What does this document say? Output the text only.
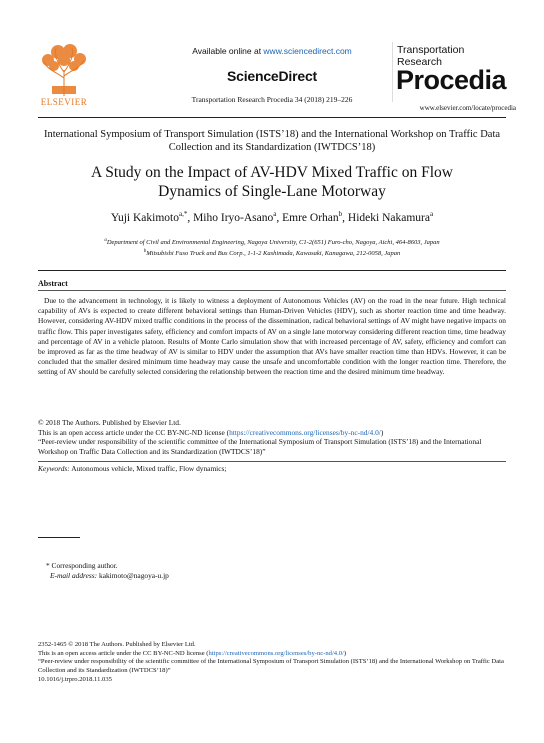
ELSEVIER
Available online at www.sciencedirect.com
ScienceDirect
Transportation Research Procedia 34 (2018) 219–226
Transportation
Research
Procedia
www.elsevier.com/locate/procedia
International Symposium of Transport Simulation (ISTS’18) and the International Workshop on Traffic Data Collection and its Standardization (IWTDCS’18)
A Study on the Impact of AV-HDV Mixed Traffic on Flow
Dynamics of Single-Lane Motorway
Yuji Kakimoto$^{a,*}$, Miho Iryo-Asano$^a$, Emre Orhan$^b$, Hideki Nakamura$^a$
$^a$Department of Civil and Environmental Engineering, Nagoya University, C1-2(651) Furo-cho, Nagoya, Aichi, 464-8603, Japan
$^b$Mitsubishi Fuso Truck and Bus Corp., 1-1-2 Kashimada, Kawasaki, Kanagawa, 212-0058, Japan
Abstract
Due to the advancement in technology, it is likely to witness a deployment of Autonomous Vehicles (AV) on the road in the near future. High technical capability of AVs is expected to create different behavioral settings than Human-Driven Vehicles (HDV), such as shorter reaction time and time headway. However, considering AV-HDV mixed traffic conditions in the process of the dissemination, radical behavioral settings of AV might have negative impacts on traffic flow. This paper investigates safety, efficiency and comfort impacts of AV on a single lane motorway considering different reaction time, time headway and percentage of AV in a vehicle platoon. Results of Monte Carlo simulation show that with increased percentage of AV, safety, efficiency and comfort can be improved as far as the time headway of AV is similar to HDV under the assumption that AVs have smaller reaction time than HDVs. However, it can be concluded that the smaller desired minimum time headway may cause the unsafe and uncomfortable condition with the longer reaction time. Therefore, the setting of AV should be carefully selected considering the relationship between the reaction time and the desired minimum time headway.
© 2018 The Authors. Published by Elsevier Ltd.
This is an open access article under the CC BY-NC-ND license (https://creativecommons.org/licenses/by-nc-nd/4.0/)
“Peer-review under responsibility of the scientific committee of the International Symposium of Transport Simulation (ISTS’18) and the International Workshop on Traffic Data Collection and its Standardization (IWTDCS’18)”
Keywords: Autonomous vehicle, Mixed traffic, Flow dynamics;
* Corresponding author.
E-mail address: kakimoto@nagoya-u.jp
2352-1465 © 2018 The Authors. Published by Elsevier Ltd.
This is an open access article under the CC BY-NC-ND license (https://creativecommons.org/licenses/by-nc-nd/4.0/)
“Peer-review under responsibility of the scientific committee of the International Symposium of Transport Simulation (ISTS’18) and the International Workshop on Traffic Data Collection and its Standardization (IWTDCS’18)”
10.1016/j.trpro.2018.11.035
